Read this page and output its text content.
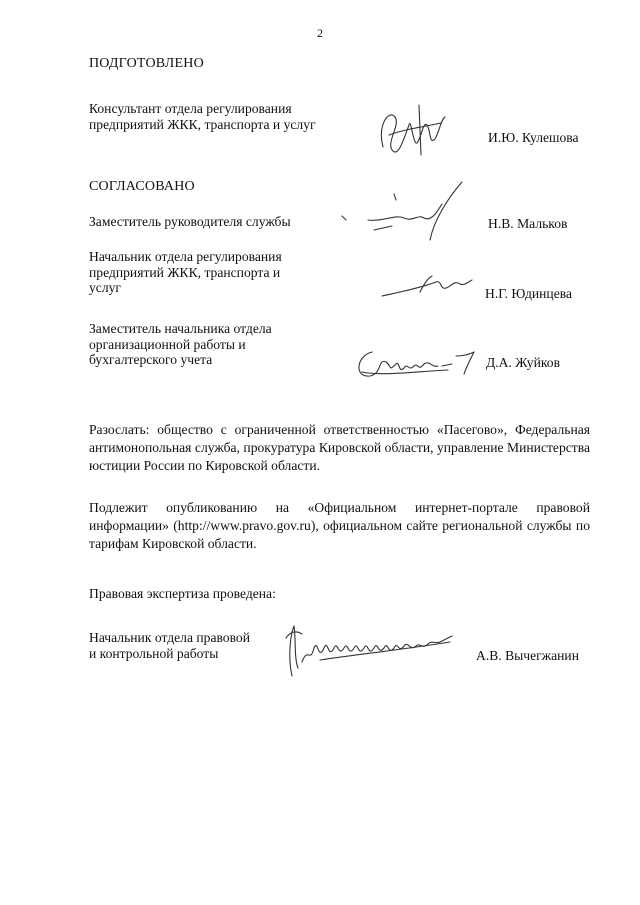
2
ПОДГОТОВЛЕНО
Консультант отдела регулирования
предприятий ЖКК, транспорта и услуг
И.Ю. Кулешова
СОГЛАСОВАНО
Заместитель руководителя службы	Н.В. Мальков
Начальник отдела регулирования
предприятий ЖКК, транспорта и
услуг	Н.Г. Юдинцева
Заместитель начальника отдела
организационной работы и
бухгалтерского учета	Д.А. Жуйков
Разослать: общество с ограниченной ответственностью «Пасегово», Федеральная антимонопольная служба, прокуратура Кировской области, управление Министерства юстиции России по Кировской области.
Подлежит опубликованию на «Официальном интернет-портале правовой информации» (http://www.pravo.gov.ru), официальном сайте региональной службы по тарифам Кировской области.
Правовая экспертиза проведена:
Начальник отдела правовой
и контрольной работы	А.В. Вычегжанин
